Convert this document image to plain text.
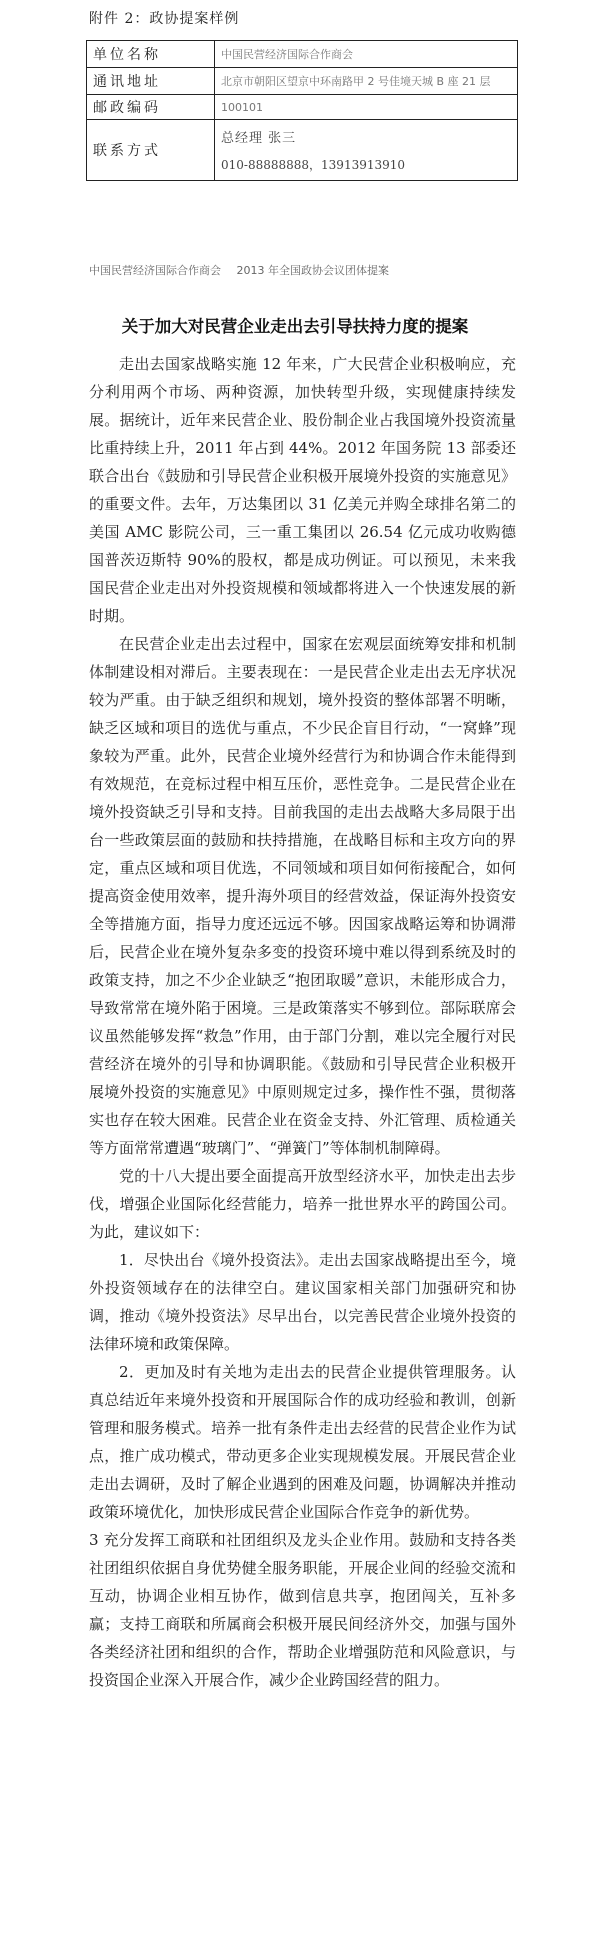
附件 2：政协提案样例
单位名称	中国民营经济国际合作商会
通讯地址	北京市朝阳区望京中环南路甲 2 号佳境天城 B 座 21 层
邮政编码	100101
联系方式	总经理 张三
010-88888888，13913913910
中国民营经济国际合作商会 2013 年全国政协会议团体提案
关于加大对民营企业走出去引导扶持力度的提案

走出去国家战略实施 12 年来，广大民营企业积极响应，充分利用两个市场、两种资源，加快转型升级，实现健康持续发展。据统计，近年来民营企业、股份制企业占我国境外投资流量比重持续上升，2011 年占到 44%。2012 年国务院 13 部委还联合出台《鼓励和引导民营企业积极开展境外投资的实施意见》的重要文件。去年，万达集团以 31 亿美元并购全球排名第二的美国 AMC 影院公司，三一重工集团以 26.54 亿元成功收购德国普茨迈斯特 90%的股权，都是成功例证。可以预见，未来我国民营企业走出对外投资规模和领域都将进入一个快速发展的新时期。

在民营企业走出去过程中，国家在宏观层面统筹安排和机制体制建设相对滞后。主要表现在：一是民营企业走出去无序状况较为严重。由于缺乏组织和规划，境外投资的整体部署不明晰，缺乏区域和项目的选优与重点，不少民企盲目行动，“一窝蜂”现象较为严重。此外，民营企业境外经营行为和协调合作未能得到有效规范，在竞标过程中相互压价，恶性竞争。二是民营企业在境外投资缺乏引导和支持。目前我国的走出去战略大多局限于出台一些政策层面的鼓励和扶持措施，在战略目标和主攻方向的界定，重点区域和项目优选，不同领域和项目如何衔接配合，如何提高资金使用效率，提升海外项目的经营效益，保证海外投资安全等措施方面，指导力度还远远不够。因国家战略运筹和协调滞后，民营企业在境外复杂多变的投资环境中难以得到系统及时的政策支持，加之不少企业缺乏“抱团取暖”意识，未能形成合力，导致常常在境外陷于困境。三是政策落实不够到位。部际联席会议虽然能够发挥“救急”作用，由于部门分割，难以完全履行对民营经济在境外的引导和协调职能。《鼓励和引导民营企业积极开展境外投资的实施意见》中原则规定过多，操作性不强，贯彻落实也存在较大困难。民营企业在资金支持、外汇管理、质检通关等方面常常遭遇“玻璃门”、“弹簧门”等体制机制障碍。

党的十八大提出要全面提高开放型经济水平，加快走出去步伐，增强企业国际化经营能力，培养一批世界水平的跨国公司。为此，建议如下：

1．尽快出台《境外投资法》。走出去国家战略提出至今，境外投资领域存在的法律空白。建议国家相关部门加强研究和协调，推动《境外投资法》尽早出台，以完善民营企业境外投资的法律环境和政策保障。

2．更加及时有关地为走出去的民营企业提供管理服务。认真总结近年来境外投资和开展国际合作的成功经验和教训，创新管理和服务模式。培养一批有条件走出去经营的民营企业作为试点，推广成功模式，带动更多企业实现规模发展。开展民营企业走出去调研，及时了解企业遇到的困难及问题，协调解决并推动政策环境优化，加快形成民营企业国际合作竞争的新优势。

3 充分发挥工商联和社团组织及龙头企业作用。鼓励和支持各类社团组织依据自身优势健全服务职能，开展企业间的经验交流和互动，协调企业相互协作，做到信息共享，抱团闯关，互补多赢；支持工商联和所属商会积极开展民间经济外交，加强与国外各类经济社团和组织的合作，帮助企业增强防范和风险意识，与投资国企业深入开展合作，减少企业跨国经营的阻力。
